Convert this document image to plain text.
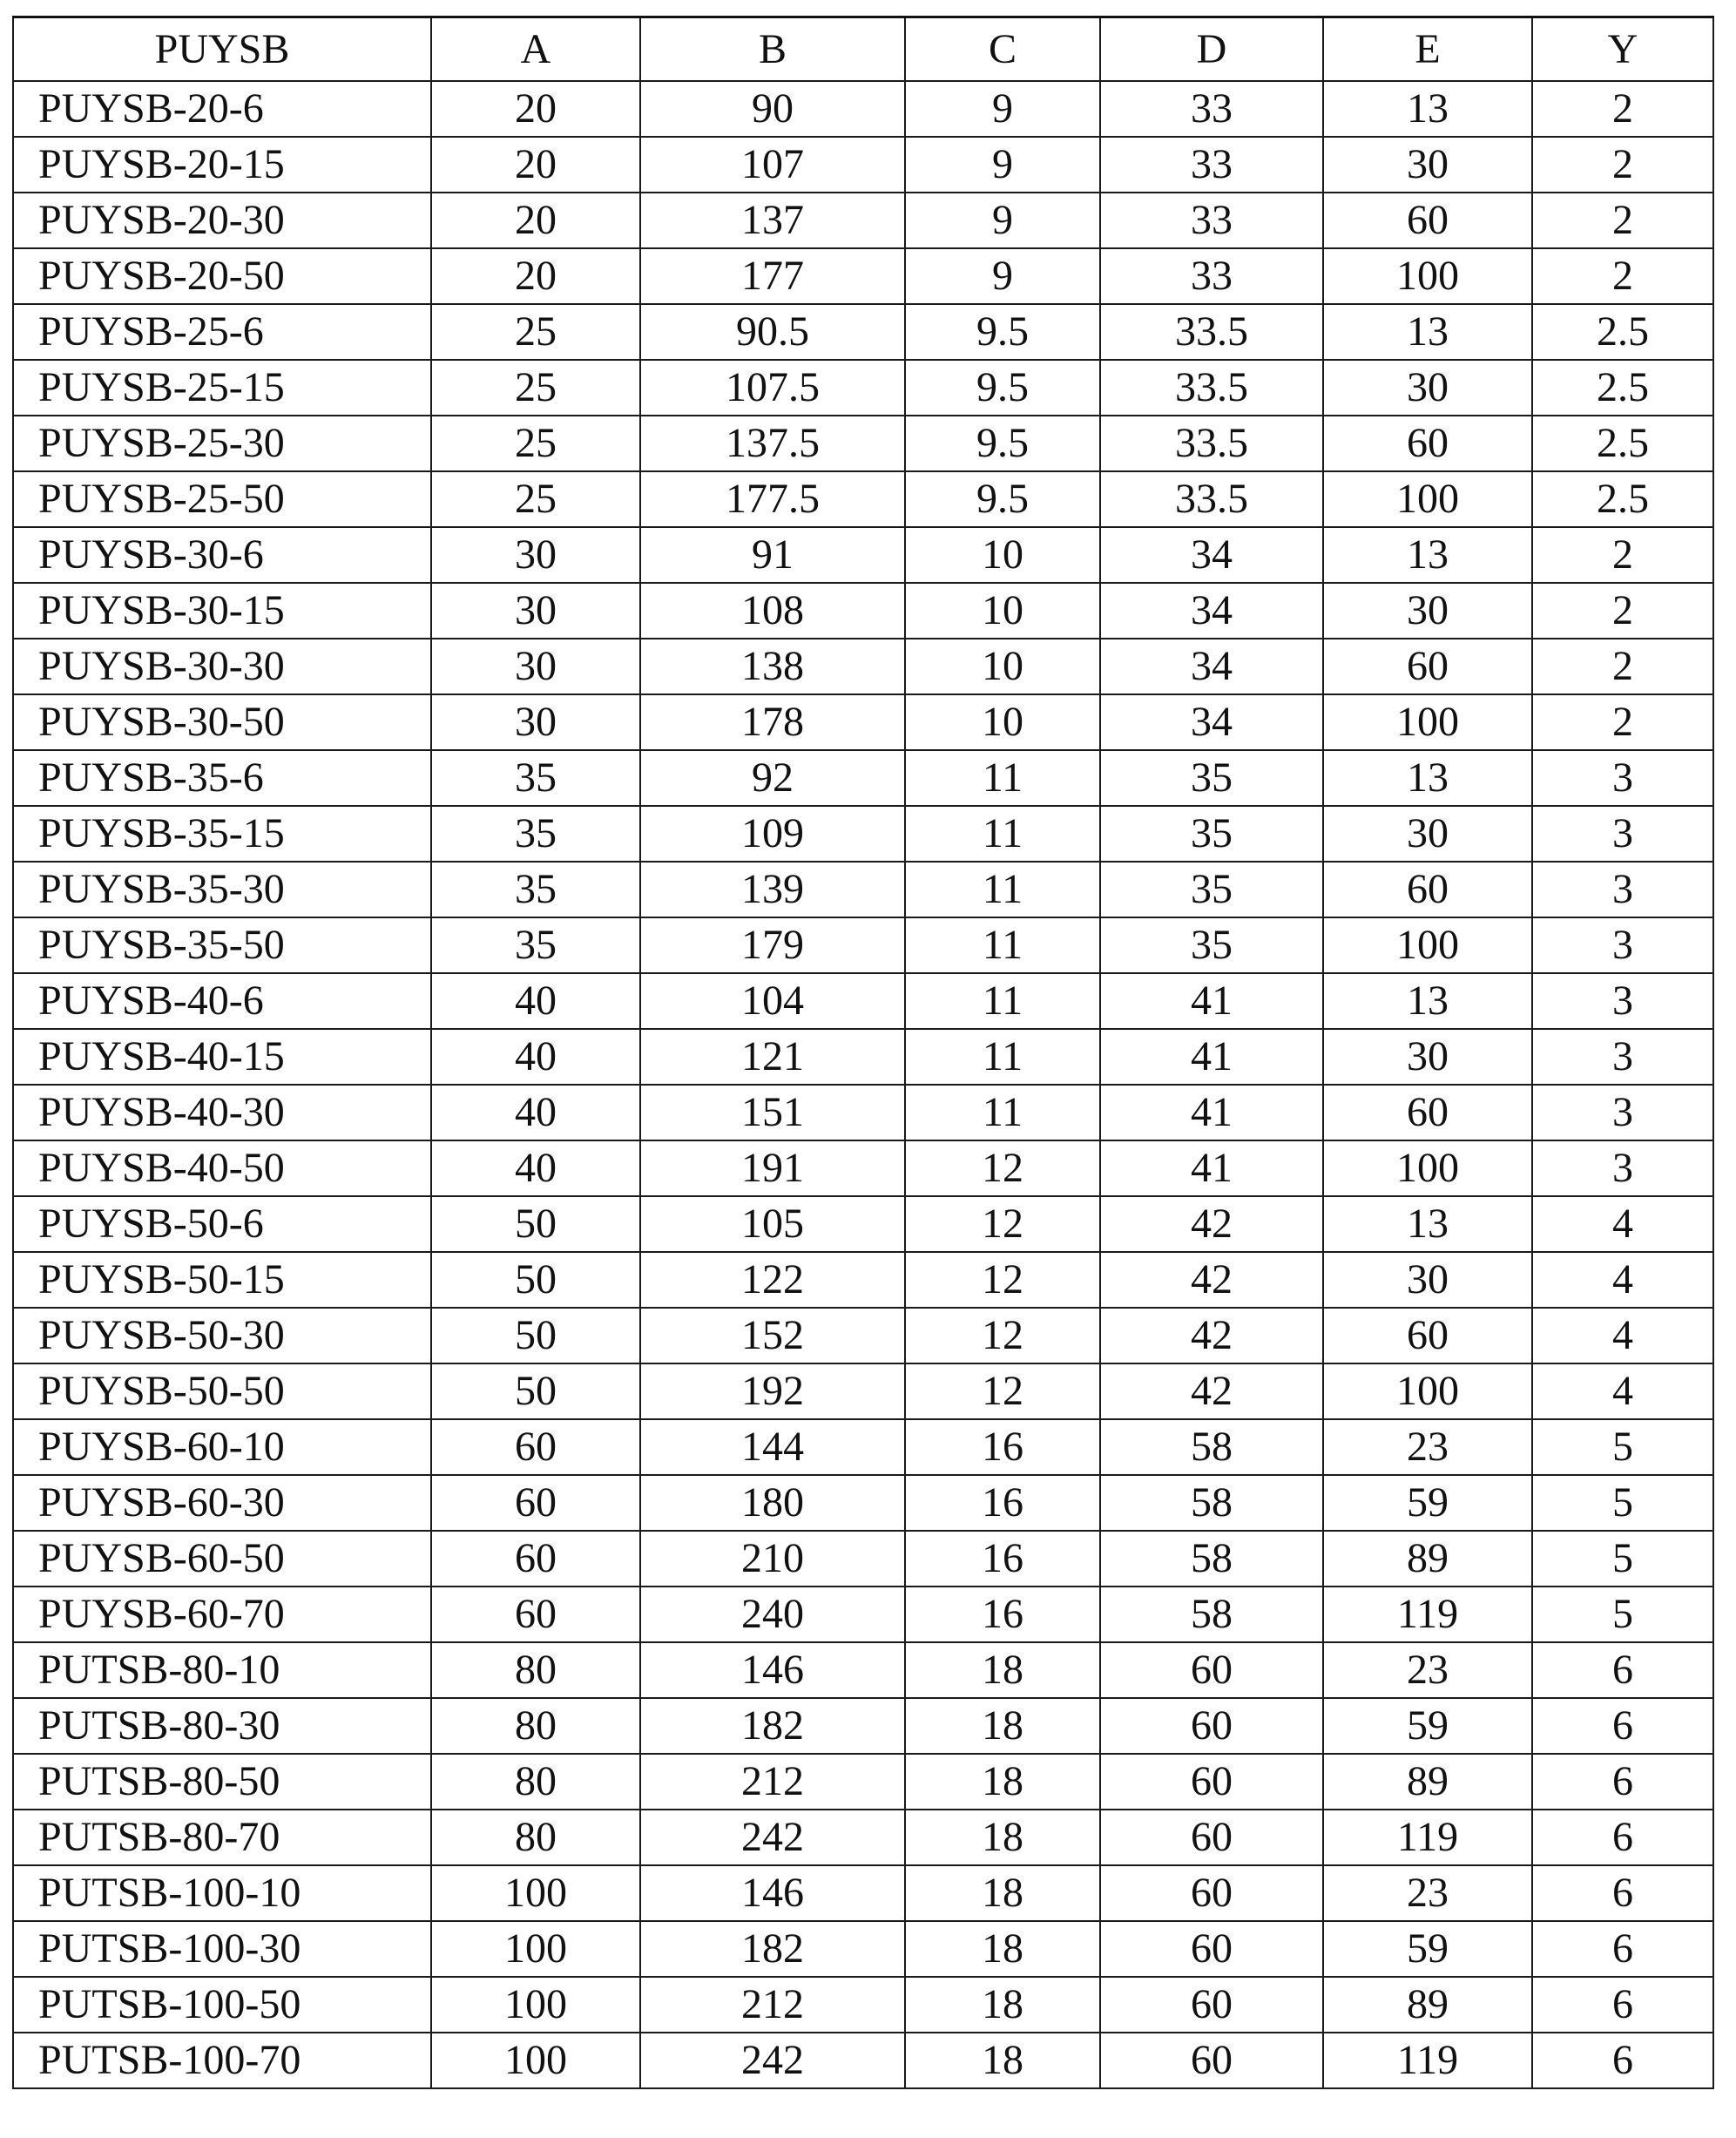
PUYSB	A	B	C	D	E	Y
PUYSB-20-6	20	90	9	33	13	2
PUYSB-20-15	20	107	9	33	30	2
PUYSB-20-30	20	137	9	33	60	2
PUYSB-20-50	20	177	9	33	100	2
PUYSB-25-6	25	90.5	9.5	33.5	13	2.5
PUYSB-25-15	25	107.5	9.5	33.5	30	2.5
PUYSB-25-30	25	137.5	9.5	33.5	60	2.5
PUYSB-25-50	25	177.5	9.5	33.5	100	2.5
PUYSB-30-6	30	91	10	34	13	2
PUYSB-30-15	30	108	10	34	30	2
PUYSB-30-30	30	138	10	34	60	2
PUYSB-30-50	30	178	10	34	100	2
PUYSB-35-6	35	92	11	35	13	3
PUYSB-35-15	35	109	11	35	30	3
PUYSB-35-30	35	139	11	35	60	3
PUYSB-35-50	35	179	11	35	100	3
PUYSB-40-6	40	104	11	41	13	3
PUYSB-40-15	40	121	11	41	30	3
PUYSB-40-30	40	151	11	41	60	3
PUYSB-40-50	40	191	12	41	100	3
PUYSB-50-6	50	105	12	42	13	4
PUYSB-50-15	50	122	12	42	30	4
PUYSB-50-30	50	152	12	42	60	4
PUYSB-50-50	50	192	12	42	100	4
PUYSB-60-10	60	144	16	58	23	5
PUYSB-60-30	60	180	16	58	59	5
PUYSB-60-50	60	210	16	58	89	5
PUYSB-60-70	60	240	16	58	119	5
PUTSB-80-10	80	146	18	60	23	6
PUTSB-80-30	80	182	18	60	59	6
PUTSB-80-50	80	212	18	60	89	6
PUTSB-80-70	80	242	18	60	119	6
PUTSB-100-10	100	146	18	60	23	6
PUTSB-100-30	100	182	18	60	59	6
PUTSB-100-50	100	212	18	60	89	6
PUTSB-100-70	100	242	18	60	119	6
